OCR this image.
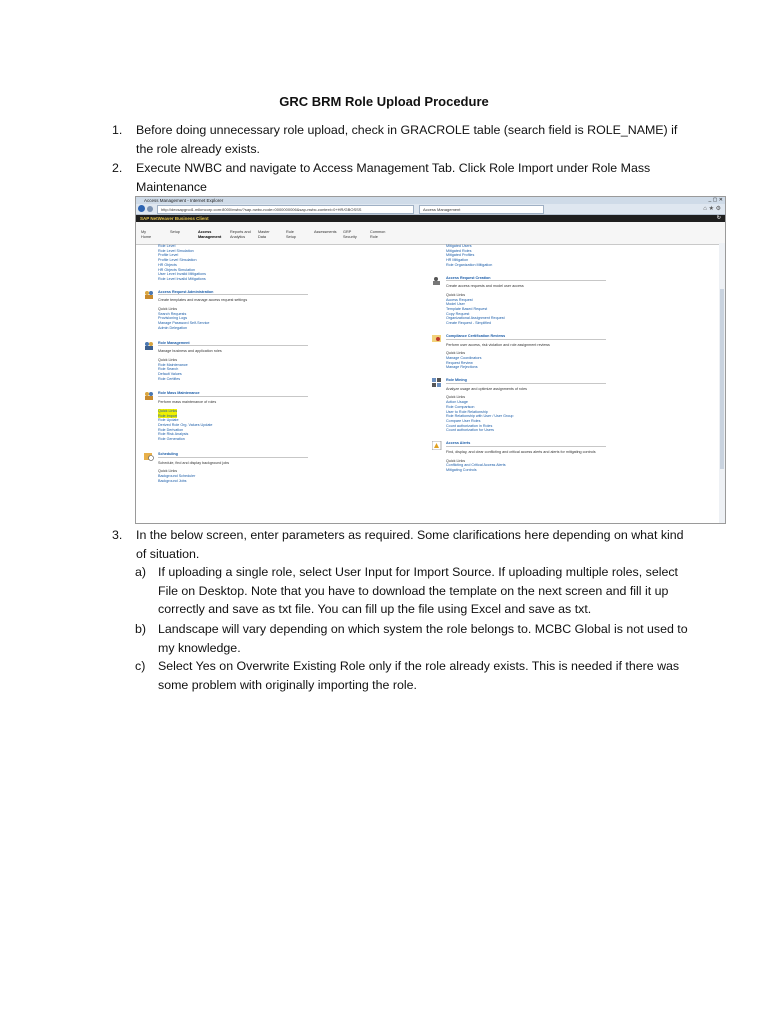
GRC BRM Role Upload Procedure
1. Before doing unnecessary role upload, check in GRACROLE table (search field is ROLE_NAME) if the role already exists.
2. Execute NWBC and navigate to Access Management Tab. Click Role Import under Role Mass Maintenance
Access Management - Internet Explorer	_ ▢ ✕
http://decsapgrcd1.mlkmcorp.com:8000/nwbc/?sap-nwbc-node=0000000006&sap-nwbc-context=0+HR/GBOSSS	Access Management	⌂ ★ ⚙
SAP NetWeaver Business Client	↻
My
Home
Setup	Access
Management
Reports and
Analytics
Master
Data
Rule
Setup
Assessments GRP
Security
Common
Role
Role Level
Role Level Simulation
Profile Level
Profile Level Simulation
HR Objects
HR Objects Simulation
User Level Invalid Mitigations
Role Level Invalid Mitigations
Access Request Administration
Create templates and manage access request settings
Quick Links
Search Requests
Provisioning Logs
Manage Password Self-Service
Admin Delegation
Role Management
Manage business and application roles
Quick Links
Role Maintenance
Role Search
Default Values
Role Certifies
Role Mass Maintenance
Perform mass maintenance of roles
Quick Links
Role Import
Role Update
Derived Role Org. Values Update
Role Derivation
Role Risk Analysis
Role Generation
Scheduling
Schedule, find and display background jobs
Quick Links
Background Scheduler
Background Jobs
Mitigated Users
Mitigated Roles
Mitigated Profiles
HR Mitigation
Role Organization Mitigation
Access Request Creation
Create access requests and model user access
Quick Links
Access Request
Model User
Template Based Request
Copy Request
Organizational Assignment Request
Create Request - Simplified
Compliance Certification Reviews
Perform user access, risk violation and role assignment reviews
Quick Links
Manage Coordinators
Request Review
Manage Rejections
Role Mining
Analyze usage and optimize assignments of roles
Quick Links
Action Usage
Role Comparison
User to Role Relationship
Role Relationship with User / User Group
Compare User Roles
Count authorization in Roles
Count authorization for Users
Access Alerts
Find, display, and clear conflicting and critical access alerts and alerts for mitigating controls
Quick Links
Conflicting and Critical Access Alerts
Mitigating Controls
3. In the below screen, enter parameters as required. Some clarifications here depending on what kind of situation.
a) If uploading a single role, select User Input for Import Source. If uploading multiple roles, select File on Desktop. Note that you have to download the template on the next screen and fill it up correctly and save as txt file. You can fill up the file using Excel and save as txt.
b) Landscape will vary depending on which system the role belongs to. MCBC Global is not used to my knowledge.
c) Select Yes on Overwrite Existing Role only if the role already exists. This is needed if there was some problem with originally importing the role.
